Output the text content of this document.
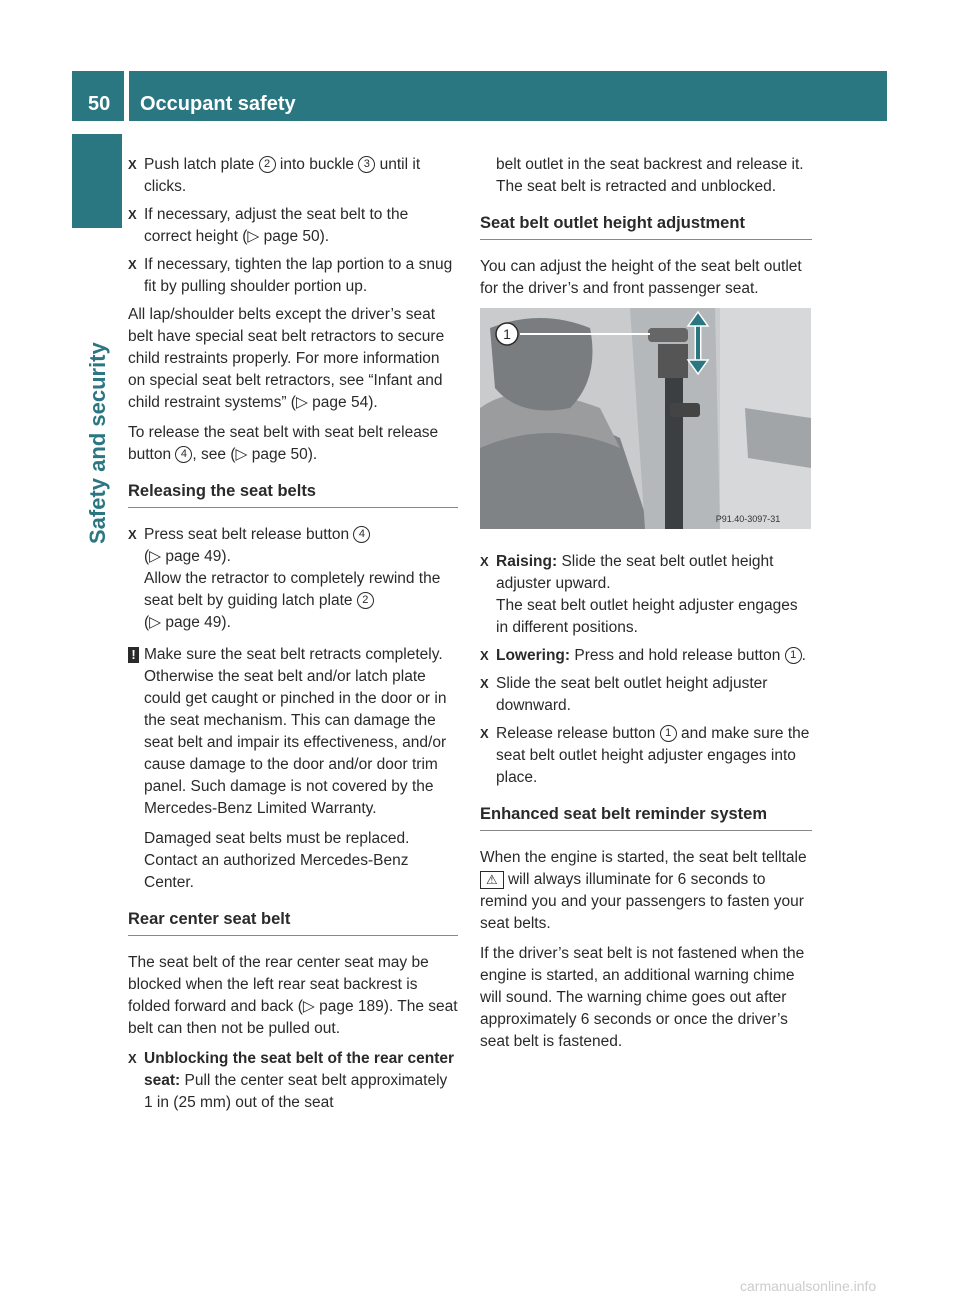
50 Occupant safety
Safety and security
X Push latch plate 2 into buckle 3 until it clicks.
X If necessary, adjust the seat belt to the correct height (▷ page 50).
X If necessary, tighten the lap portion to a snug fit by pulling shoulder portion up.

All lap/shoulder belts except the driver’s seat belt have special seat belt retractors to secure child restraints properly. For more information on special seat belt retractors, see “Infant and child restraint systems” (▷ page 54).

To release the seat belt with seat belt release button 4 , see (▷ page 50).

Releasing the seat belts
X Press seat belt release button 4
(▷ page 49).
Allow the retractor to completely rewind the seat belt by guiding latch plate 2
(▷ page 49).
! Make sure the seat belt retracts completely. Otherwise the seat belt and/or latch plate could get caught or pinched in the door or in the seat mechanism. This can damage the seat belt and impair its effectiveness, and/or cause damage to the door and/or door trim panel. Such damage is not covered by the Mercedes-Benz Limited Warranty.

Damaged seat belts must be replaced. Contact an authorized Mercedes-Benz Center.

Rear center seat belt

The seat belt of the rear center seat may be blocked when the left rear seat backrest is folded forward and back (▷ page 189). The seat belt can then not be pulled out.

X Unblocking the seat belt of the rear center seat: Pull the center seat belt approximately 1 in (25 mm) out of the seat

belt outlet in the seat backrest and release it.

The seat belt is retracted and unblocked.

Seat belt outlet height adjustment

You can adjust the height of the seat belt outlet for the driver’s and front passenger seat.

1
P91.40-3097-31
X Raising: Slide the seat belt outlet height adjuster upward.
The seat belt outlet height adjuster engages in different positions.
X Lowering: Press and hold release button 1 .
X Slide the seat belt outlet height adjuster downward.
X Release release button 1 and make sure the seat belt outlet height adjuster engages into place.
Enhanced seat belt reminder system

When the engine is started, the seat belt telltale ⚠ will always illuminate for 6 seconds to remind you and your passengers to fasten your seat belts.

If the driver’s seat belt is not fastened when the engine is started, an additional warning chime will sound. The warning chime goes out after approximately 6 seconds or once the driver’s seat belt is fastened.

carmanualsonline.info
